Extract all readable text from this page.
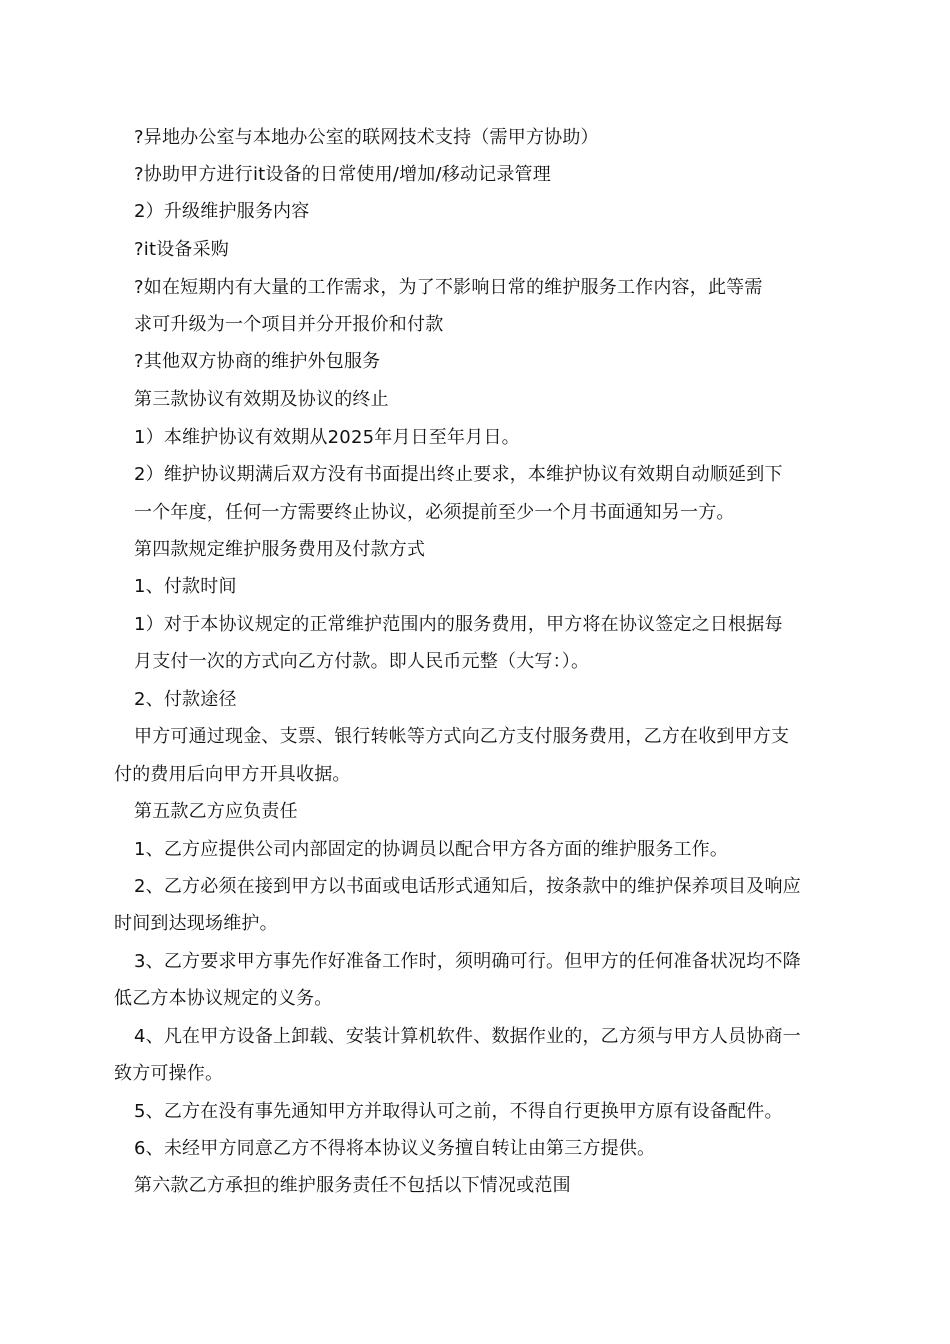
?异地办公室与本地办公室的联网技术支持（需甲方协助）
?协助甲方进行it设备的日常使用/增加/移动记录管理
2）升级维护服务内容
?it设备采购
?如在短期内有大量的工作需求，为了不影响日常的维护服务工作内容，此等需
求可升级为一个项目并分开报价和付款
?其他双方协商的维护外包服务
第三款协议有效期及协议的终止
1）本维护协议有效期从2025年月日至年月日。
2）维护协议期满后双方没有书面提出终止要求，本维护协议有效期自动顺延到下
一个年度，任何一方需要终止协议，必须提前至少一个月书面通知另一方。
第四款规定维护服务费用及付款方式
1、付款时间
1）对于本协议规定的正常维护范围内的服务费用，甲方将在协议签定之日根据每
月支付一次的方式向乙方付款。即人民币元整（大写：）。
2、付款途径
甲方可通过现金、支票、银行转帐等方式向乙方支付服务费用，乙方在收到甲方支
付的费用后向甲方开具收据。
第五款乙方应负责任
1、乙方应提供公司内部固定的协调员以配合甲方各方面的维护服务工作。
2、乙方必须在接到甲方以书面或电话形式通知后，按条款中的维护保养项目及响应
时间到达现场维护。
3、乙方要求甲方事先作好准备工作时，须明确可行。但甲方的任何准备状况均不降
低乙方本协议规定的义务。
4、凡在甲方设备上卸载、安装计算机软件、数据作业的，乙方须与甲方人员协商一
致方可操作。
5、乙方在没有事先通知甲方并取得认可之前，不得自行更换甲方原有设备配件。
6、未经甲方同意乙方不得将本协议义务擅自转让由第三方提供。
第六款乙方承担的维护服务责任不包括以下情况或范围
